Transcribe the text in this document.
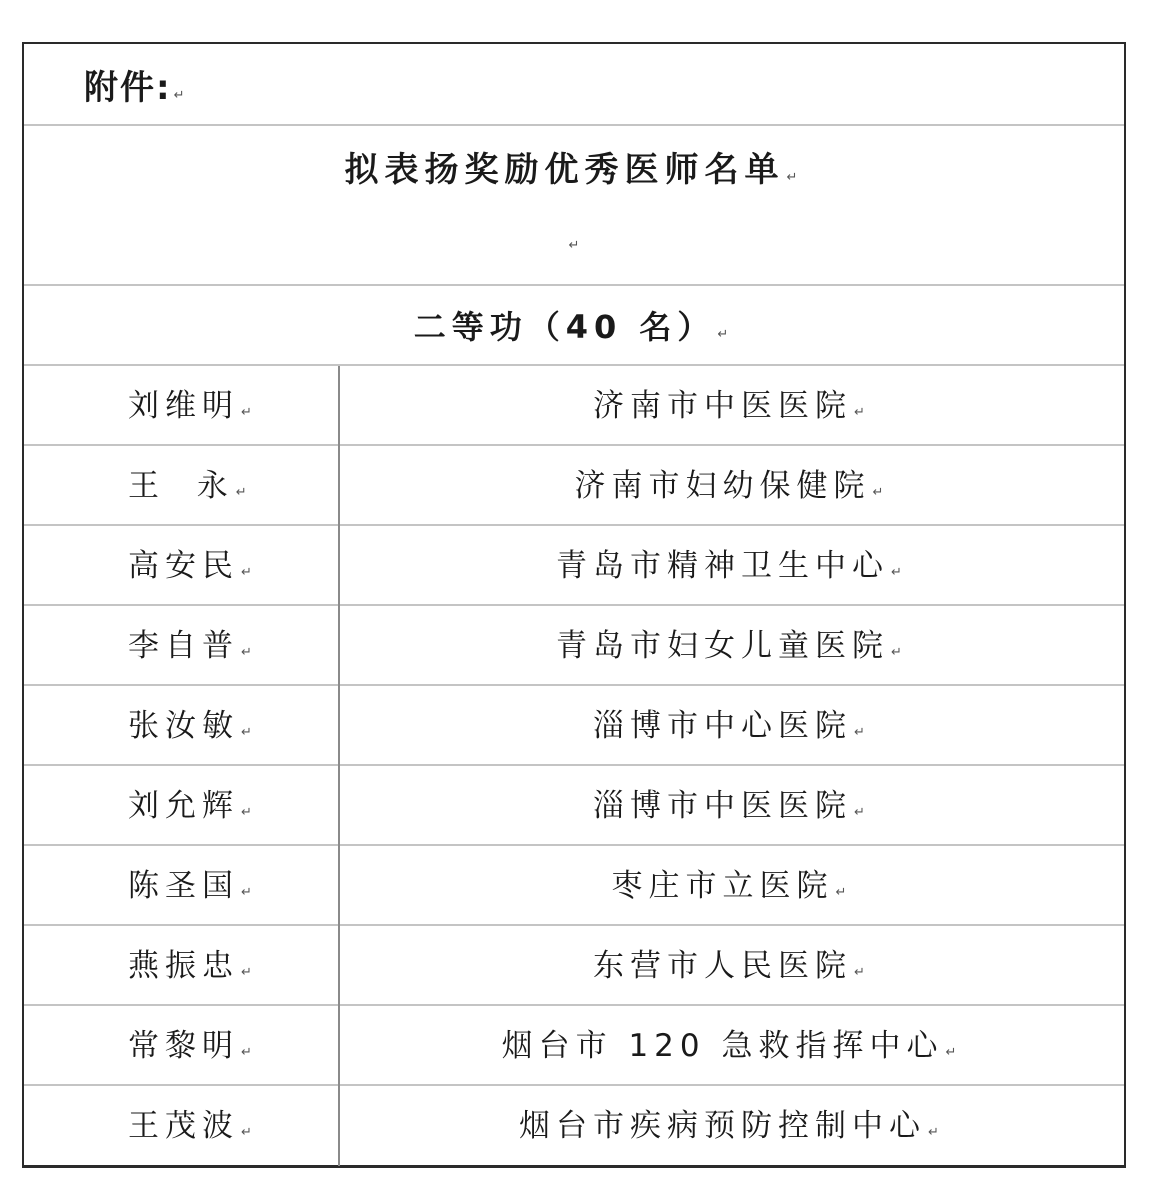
附件: ↵
拟表扬奖励优秀医师名单 ↵
↵
二等功（40 名） ↵
刘维明 ↵	济南市中医医院 ↵
王  永 ↵	济南市妇幼保健院 ↵
高安民 ↵	青岛市精神卫生中心 ↵
李自普 ↵	青岛市妇女儿童医院 ↵
张汝敏 ↵	淄博市中心医院 ↵
刘允辉 ↵	淄博市中医医院 ↵
陈圣国 ↵	枣庄市立医院 ↵
燕振忠 ↵	东营市人民医院 ↵
常黎明 ↵	烟台市 120 急救指挥中心 ↵
王茂波 ↵	烟台市疾病预防控制中心 ↵
